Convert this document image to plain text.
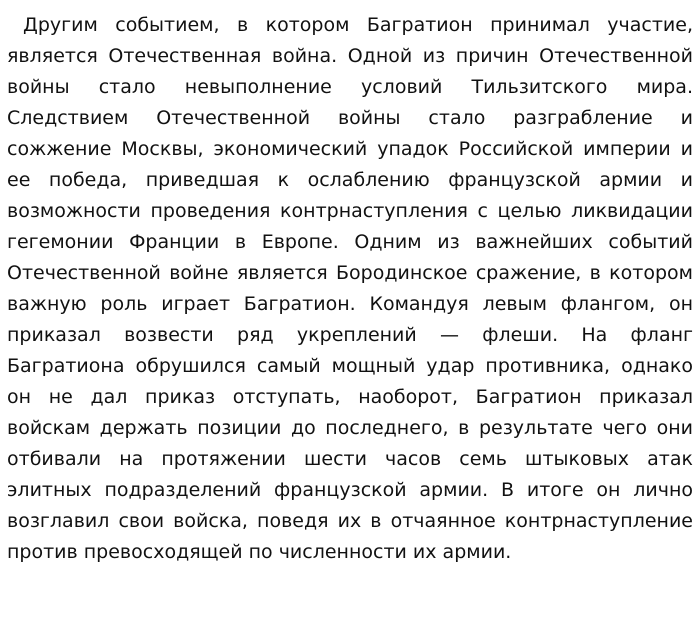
Другим событием, в котором Багратион принимал участие, является Отечественная война. Одной из причин Отечественной войны стало невыполнение условий Тильзитского мира. Следствием Отечественной войны стало разграбление и сожжение Москвы, экономический упадок Российской империи и ее победа, приведшая к ослаблению французской армии и возможности проведения контрнаступления с целью ликвидации гегемонии Франции в Европе. Одним из важнейших событий Отечественной войне является Бородинское сражение, в котором важную роль играет Багратион. Командуя левым флангом, он приказал возвести ряд укреплений — флеши. На фланг Багратиона обрушился самый мощный удар противника, однако он не дал приказ отступать, наоборот, Багратион приказал войскам держать позиции до последнего, в результате чего они отбивали на протяжении шести часов семь штыковых атак элитных подразделений французской армии. В итоге он лично возглавил свои войска, поведя их в отчаянное контрнаступление против превосходящей по численности их армии.
